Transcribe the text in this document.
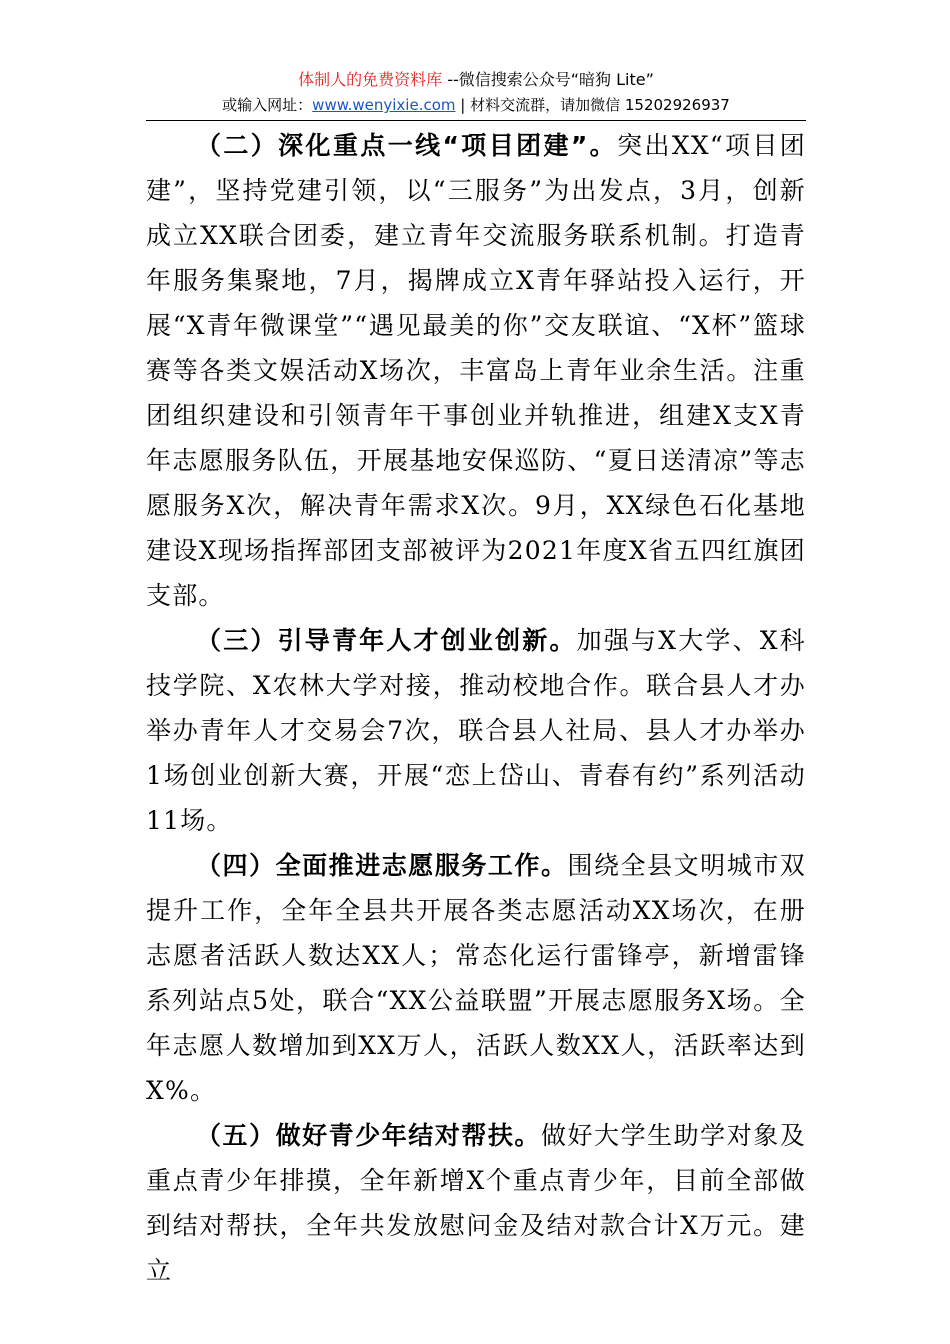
体制人的免费资料库 --微信搜索公众号“暗狗 Lite”
或输入网址：www.wenyixie.com | 材料交流群，请加微信 15202926937

（二）深化重点一线“项目团建”。突出XX“项目团建”，坚持党建引领，以“三服务”为出发点，3月，创新成立XX联合团委，建立青年交流服务联系机制。打造青年服务集聚地，7月，揭牌成立X青年驿站投入运行，开展“X青年微课堂”“遇见最美的你”交友联谊、“X杯”篮球赛等各类文娱活动X场次，丰富岛上青年业余生活。注重团组织建设和引领青年干事创业并轨推进，组建X支X青年志愿服务队伍，开展基地安保巡防、“夏日送清凉”等志愿服务X次，解决青年需求X次。9月，XX绿色石化基地建设X现场指挥部团支部被评为2021年度X省五四红旗团支部。

（三）引导青年人才创业创新。加强与X大学、X科技学院、X农林大学对接，推动校地合作。联合县人才办举办青年人才交易会7次，联合县人社局、县人才办举办1场创业创新大赛，开展“恋上岱山、青春有约”系列活动11场。

（四）全面推进志愿服务工作。围绕全县文明城市双提升工作，全年全县共开展各类志愿活动XX场次，在册志愿者活跃人数达XX人；常态化运行雷锋亭，新增雷锋系列站点5处，联合“XX公益联盟”开展志愿服务X场。全年志愿人数增加到XX万人，活跃人数XX人，活跃率达到X%。

（五）做好青少年结对帮扶。做好大学生助学对象及重点青少年排摸，全年新增X个重点青少年，目前全部做到结对帮扶，全年共发放慰问金及结对款合计X万元。建立
